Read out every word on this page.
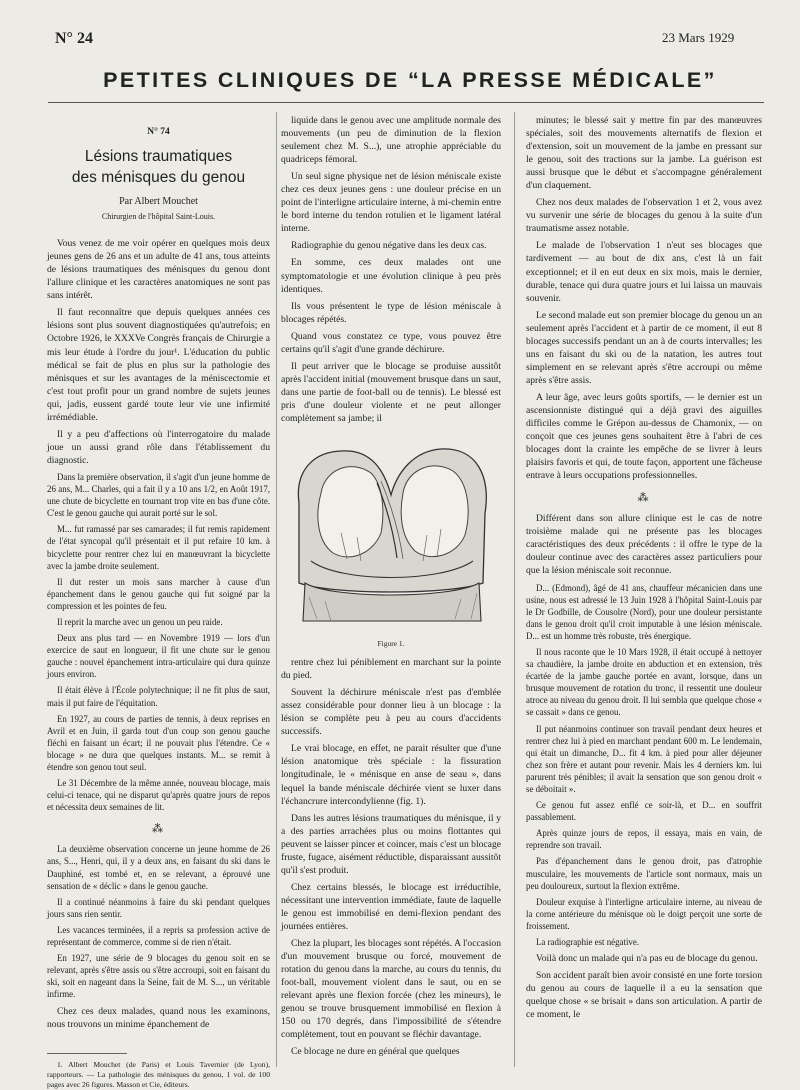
N° 24	23 Mars 1929
PETITES CLINIQUES DE “LA PRESSE MÉDICALE”
N° 74
Lésions traumatiques
des ménisques du genou
Par Albert Mouchet
Chirurgien de l'hôpital Saint-Louis.

Vous venez de me voir opérer en quelques mois deux jeunes gens de 26 ans et un adulte de 41 ans, tous atteints de lésions traumatiques des ménisques du genou dont l'allure clinique et les caractères anatomiques ne sont pas sans intérêt.

Il faut reconnaître que depuis quelques années ces lésions sont plus souvent diagnostiquées qu'autrefois; en Octobre 1926, le XXXVe Congrès français de Chirurgie a mis leur étude à l'ordre du jour¹. L'éducation du public médical se fait de plus en plus sur la pathologie des ménisques et sur les avantages de la méniscectomie et c'est tout profit pour un grand nombre de sujets jeunes qui, jadis, eussent gardé toute leur vie une infirmité irrémédiable.

Il y a peu d'affections où l'interrogatoire du malade joue un aussi grand rôle dans l'établissement du diagnostic.

Dans la première observation, il s'agit d'un jeune homme de 26 ans, M... Charles, qui a fait il y a 10 ans 1/2, en Août 1917, une chute de bicyclette en tournant trop vite en bas d'une côte. C'est le genou gauche qui aurait porté sur le sol.

M... fut ramassé par ses camarades; il fut remis rapidement de l'état syncopal qu'il présentait et il put refaire 10 km. à bicyclette pour rentrer chez lui en manœuvrant la bicyclette avec la jambe droite seulement.

Il dut rester un mois sans marcher à cause d'un épanchement dans le genou gauche qui fut soigné par la compression et les pointes de feu.

Il reprit la marche avec un genou un peu raide.

Deux ans plus tard — en Novembre 1919 — lors d'un exercice de saut en longueur, il fit une chute sur le genou gauche : nouvel épanchement intra-articulaire qui dura quinze jours environ.

Il était élève à l'École polytechnique; il ne fit plus de saut, mais il put faire de l'équitation.

En 1927, au cours de parties de tennis, à deux reprises en Avril et en Juin, il garda tout d'un coup son genou gauche fléchi en faisant un écart; il ne pouvait plus l'étendre. Ce « blocage » ne dura que quelques instants. M... se remit à étendre son genou tout seul.

Le 31 Décembre de la même année, nouveau blocage, mais celui-ci tenace, qui ne disparut qu'après quatre jours de repos et nécessita deux semaines de lit.

⁂

La deuxième observation concerne un jeune homme de 26 ans, S..., Henri, qui, il y a deux ans, en faisant du ski dans le Dauphiné, est tombé et, en se relevant, a éprouvé une sensation de « déclic » dans le genou gauche.

Il a continué néanmoins à faire du ski pendant quelques jours sans rien sentir.

Les vacances terminées, il a repris sa profession active de représentant de commerce, comme si de rien n'était.

En 1927, une série de 9 blocages du genou soit en se relevant, après s'être assis ou s'être accroupi, soit en faisant du ski, soit en nageant dans la Seine, fait de M. S..., un véritable infirme.

Chez ces deux malades, quand nous les examinons, nous trouvons un minime épanchement de

1. Albert Mouchet (de Paris) et Louis Tavernier (de Lyon), rapporteurs. — La pathologie des ménisques du genou, 1 vol. de 100 pages avec 26 figures. Masson et Cie, éditeurs.

liquide dans le genou avec une amplitude normale des mouvements (un peu de diminution de la flexion seulement chez M. S...), une atrophie appréciable du quadriceps fémoral.

Un seul signe physique net de lésion méniscale existe chez ces deux jeunes gens : une douleur précise en un point de l'interligne articulaire interne, à mi-chemin entre le bord interne du tendon rotulien et le ligament latéral interne.

Radiographie du genou négative dans les deux cas.

En somme, ces deux malades ont une symptomatologie et une évolution clinique à peu près identiques.

Ils vous présentent le type de lésion méniscale à blocages répétés.

Quand vous constatez ce type, vous pouvez être certains qu'il s'agit d'une grande déchirure.

Il peut arriver que le blocage se produise aussitôt après l'accident initial (mouvement brusque dans un saut, dans une partie de foot-ball ou de tennis). Le blessé est pris d'une douleur violente et ne peut allonger complètement sa jambe; il

Figure 1.

rentre chez lui péniblement en marchant sur la pointe du pied.

Souvent la déchirure méniscale n'est pas d'emblée assez considérable pour donner lieu à un blocage : la lésion se complète peu à peu au cours d'accidents successifs.

Le vrai blocage, en effet, ne parait résulter que d'une lésion anatomique très spéciale : la fissuration longitudinale, le « ménisque en anse de seau », dans lequel la bande méniscale déchirée vient se luxer dans l'échancrure intercondylienne (fig. 1).

Dans les autres lésions traumatiques du ménisque, il y a des parties arrachées plus ou moins flottantes qui peuvent se laisser pincer et coincer, mais c'est un blocage fruste, fugace, aisément réductible, disparaissant aussitôt qu'il s'est produit.

Chez certains blessés, le blocage est irréductible, nécessitant une intervention immédiate, faute de laquelle le genou est immobilisé en demi-flexion pendant des journées entières.

Chez la plupart, les blocages sont répétés. A l'occasion d'un mouvement brusque ou forcé, mouvement de rotation du genou dans la marche, au cours du tennis, du foot-ball, mouvement violent dans le saut, ou en se relevant après une flexion forcée (chez les mineurs), le genou se trouve brusquement immobilisé en flexion à 150 ou 170 degrés, dans l'impossibilité de s'étendre complètement, tout en pouvant se fléchir davantage.

Ce blocage ne dure en général que quelques

minutes; le blessé sait y mettre fin par des manœuvres spéciales, soit des mouvements alternatifs de flexion et d'extension, soit un mouvement de la jambe en pressant sur le genou, soit des tractions sur la jambe. La guérison est aussi brusque que le début et s'accompagne généralement d'un claquement.

Chez nos deux malades de l'observation 1 et 2, vous avez vu survenir une série de blocages du genou à la suite d'un traumatisme assez notable.

Le malade de l'observation 1 n'eut ses blocages que tardivement — au bout de dix ans, c'est là un fait exceptionnel; et il en eut deux en six mois, mais le dernier, durable, tenace qui dura quatre jours et lui laissa un mauvais souvenir.

Le second malade eut son premier blocage du genou un an seulement après l'accident et à partir de ce moment, il eut 8 blocages successifs pendant un an à de courts intervalles; les uns en faisant du ski ou de la natation, les autres tout simplement en se relevant après s'être accroupi ou même après s'être assis.

A leur âge, avec leurs goûts sportifs, — le dernier est un ascensionniste distingué qui a déjà gravi des aiguilles difficiles comme le Grépon au-dessus de Chamonix, — on conçoit que ces jeunes gens souhaitent être à l'abri de ces blocages dont la crainte les empêche de se livrer à leurs plaisirs favoris et qui, de toute façon, apportent une fâcheuse entrave à leurs occupations professionnelles.

⁂

Différent dans son allure clinique est le cas de notre troisième malade qui ne présente pas les blocages caractéristiques des deux précédents : il offre le type de la douleur continue avec des caractères assez particuliers pour que la lésion méniscale soit reconnue.

D... (Edmond), âgé de 41 ans, chauffeur mécanicien dans une usine, nous est adressé le 13 Juin 1928 à l'hôpital Saint-Louis par le Dr Godbille, de Cousolre (Nord), pour une douleur persistante dans le genou droit qu'il croit imputable à une lésion méniscale. D... est un homme très robuste, très énergique.

Il nous raconte que le 10 Mars 1928, il était occupé à nettoyer sa chaudière, la jambe droite en abduction et en extension, très écartée de la jambe gauche portée en avant, lorsque, dans un brusque mouvement de rotation du tronc, il ressentit une douleur atroce au niveau du genou droit. Il lui sembla que quelque chose « se cassait » dans ce genou.

Il put néanmoins continuer son travail pendant deux heures et rentrer chez lui à pied en marchant pendant 600 m. Le lendemain, qui était un dimanche, D... fit 4 km. à pied pour aller déjeuner chez son frère et autant pour revenir. Mais les 4 derniers km. lui parurent très pénibles; il avait la sensation que son genou droit « se déboitait ».

Ce genou fut assez enflé ce soir-là, et D... en souffrit passablement.

Après quinze jours de repos, il essaya, mais en vain, de reprendre son travail.

Pas d'épanchement dans le genou droit, pas d'atrophie musculaire, les mouvements de l'article sont normaux, mais un peu douloureux, surtout la flexion extrême.

Douleur exquise à l'interligne articulaire interne, au niveau de la corne antérieure du ménisque où le doigt perçoit une sorte de froissement.

La radiographie est négative.

Voilà donc un malade qui n'a pas eu de blocage du genou.

Son accident paraît bien avoir consisté en une forte torsion du genou au cours de laquelle il a eu la sensation que quelque chose « se brisait » dans son articulation. A partir de ce moment, le
